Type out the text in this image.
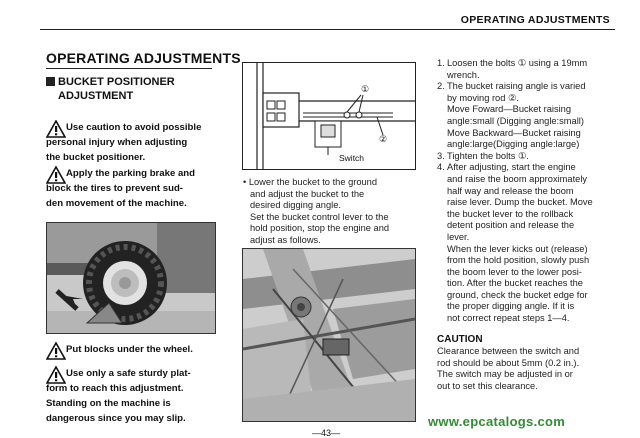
OPERATING ADJUSTMENTS
OPERATING ADJUSTMENTS
BUCKET POSITIONER
ADJUSTMENT

Use caution to avoid possible

personal injury when adjusting

the bucket positioner.

Apply the parking brake and

block the tires to prevent sud-

den movement of the machine.

Put blocks under the wheel.

Use only a safe sturdy plat-

form to reach this adjustment.

Standing on the machine is

dangerous since you may slip.

①
②
Switch
• Lower the bucket to the ground
and adjust the bucket to the
desired digging angle.
Set the bucket control lever to the
hold position, stop the engine and
adjust as follows.
1. Loosen the bolts ① using a 19mm
wrench.
2. The bucket raising angle is varied
by moving rod ②.
Move Foward—Bucket raising
angle:small (Digging angle:small)
Move Backward—Bucket raising
angle:large(Digging angle:large)
3. Tighten the bolts ①.
4. After adjusting, start the engine
and raise the boom approximately
half way and release the boom
raise lever. Dump the bucket. Move
the bucket lever to the rollback
detent position and release the
lever.
When the lever kicks out (release)
from the hold position, slowly push
the boom lever to the lower posi-
tion. After the bucket reaches the
ground, check the bucket edge for
the proper digging angle. If it is
not correct repeat steps 1—4.
CAUTION
Clearance between the switch and
rod should be about 5mm (0.2 in.).
The switch may be adjusted in or
out to set this clearance.
www.epcatalogs.com
—43—
